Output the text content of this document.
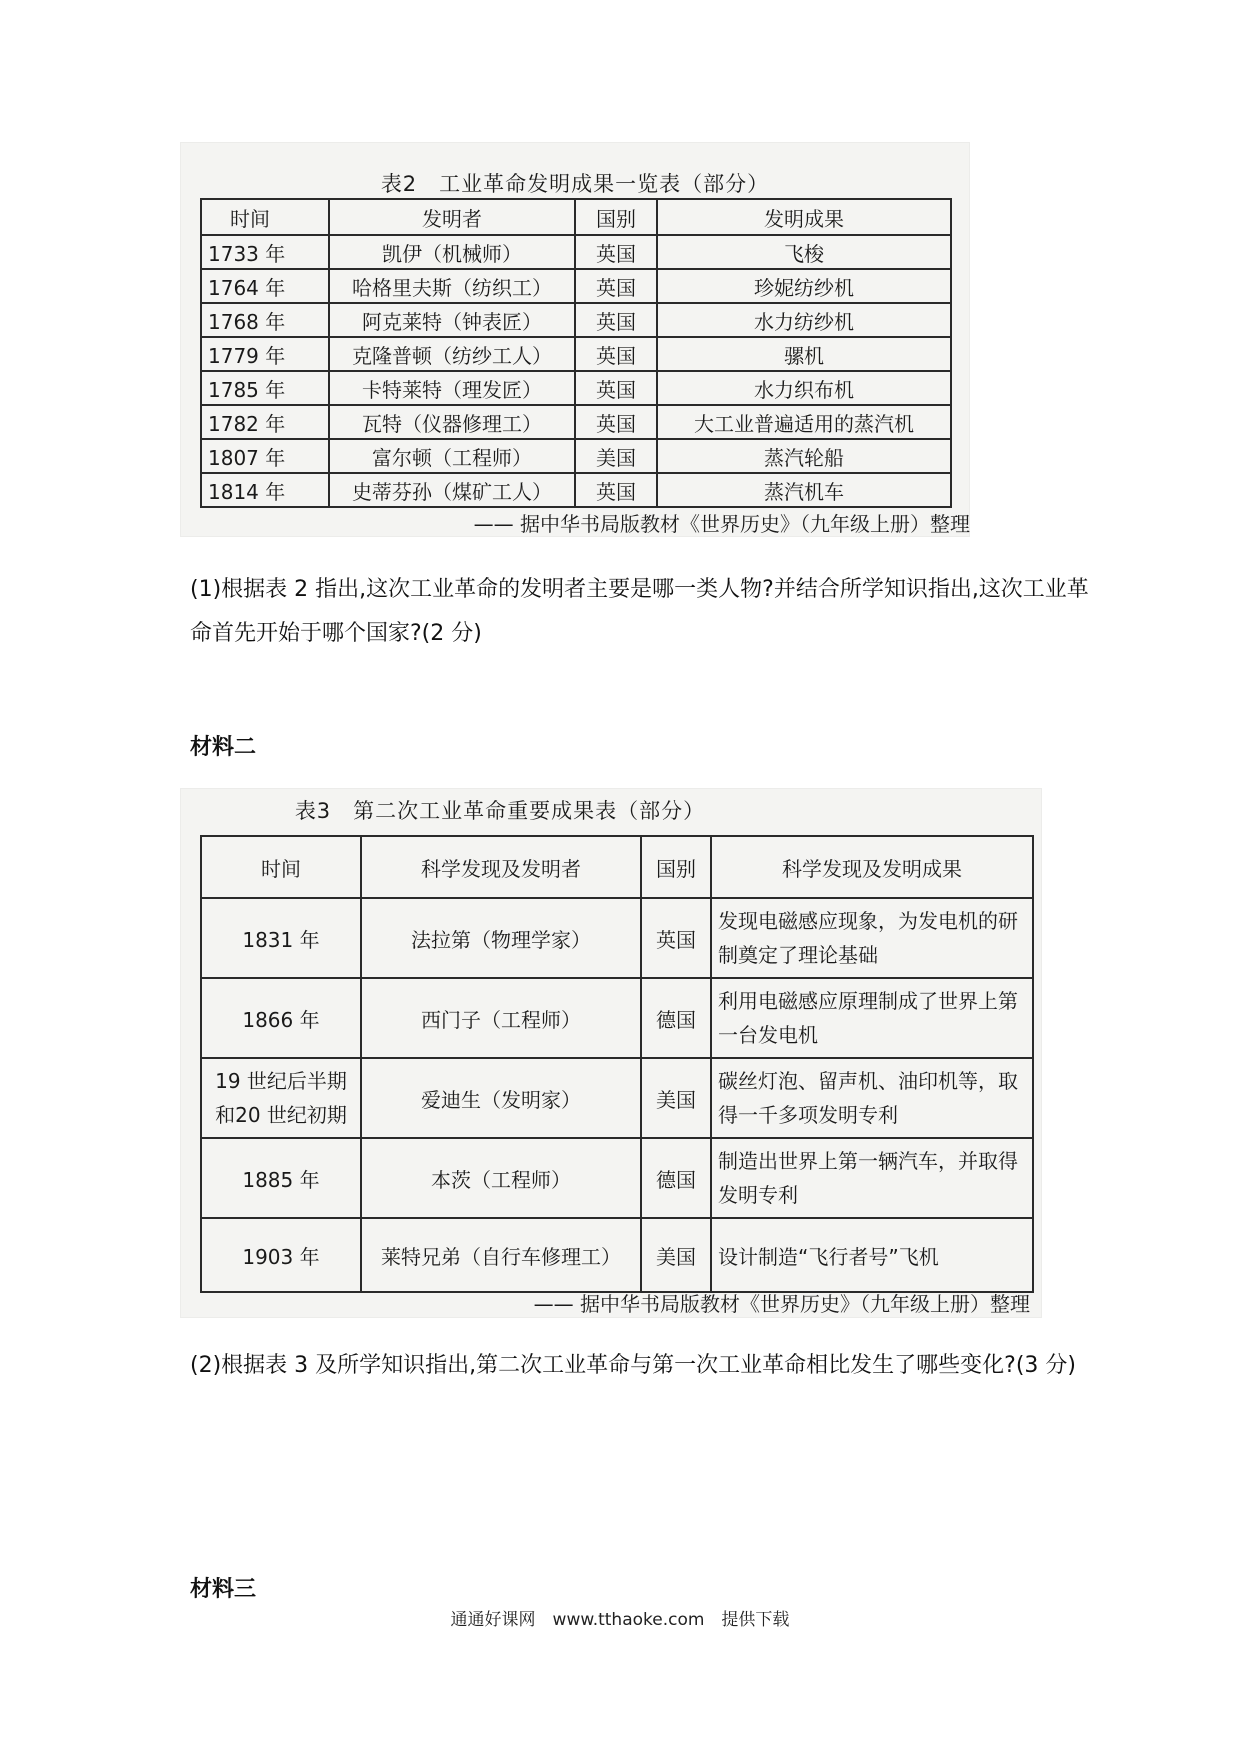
表2　工业革命发明成果一览表（部分）
时间	发明者	国别	发明成果
1733 年	凯伊（机械师）	英国	飞梭
1764 年	哈格里夫斯（纺织工）	英国	珍妮纺纱机
1768 年	阿克莱特（钟表匠）	英国	水力纺纱机
1779 年	克隆普顿（纺纱工人）	英国	骡机
1785 年	卡特莱特（理发匠）	英国	水力织布机
1782 年	瓦特（仪器修理工）	英国	大工业普遍适用的蒸汽机
1807 年	富尔顿（工程师）	美国	蒸汽轮船
1814 年	史蒂芬孙（煤矿工人）	英国	蒸汽机车
—— 据中华书局版教材《世界历史》（九年级上册）整理
(1)根据表 2 指出,这次工业革命的发明者主要是哪一类人物?并结合所学知识指出,这次工业革命首先开始于哪个国家?(2 分)
材料二
表3　第二次工业革命重要成果表（部分）
时间	科学发现及发明者	国别	科学发现及发明成果
1831 年	法拉第（物理学家）	英国	发现电磁感应现象，为发电机的研制奠定了理论基础
1866 年	西门子（工程师）	德国	利用电磁感应原理制成了世界上第一台发电机
19 世纪后半期和20 世纪初期	爱迪生（发明家）	美国	碳丝灯泡、留声机、油印机等，取得一千多项发明专利
1885 年	本茨（工程师）	德国	制造出世界上第一辆汽车，并取得发明专利
1903 年	莱特兄弟（自行车修理工）	美国	设计制造“飞行者号”飞机
—— 据中华书局版教材《世界历史》（九年级上册）整理
(2)根据表 3 及所学知识指出,第二次工业革命与第一次工业革命相比发生了哪些变化?(3 分)
材料三
通通好课网　www.tthaoke.com　提供下载
